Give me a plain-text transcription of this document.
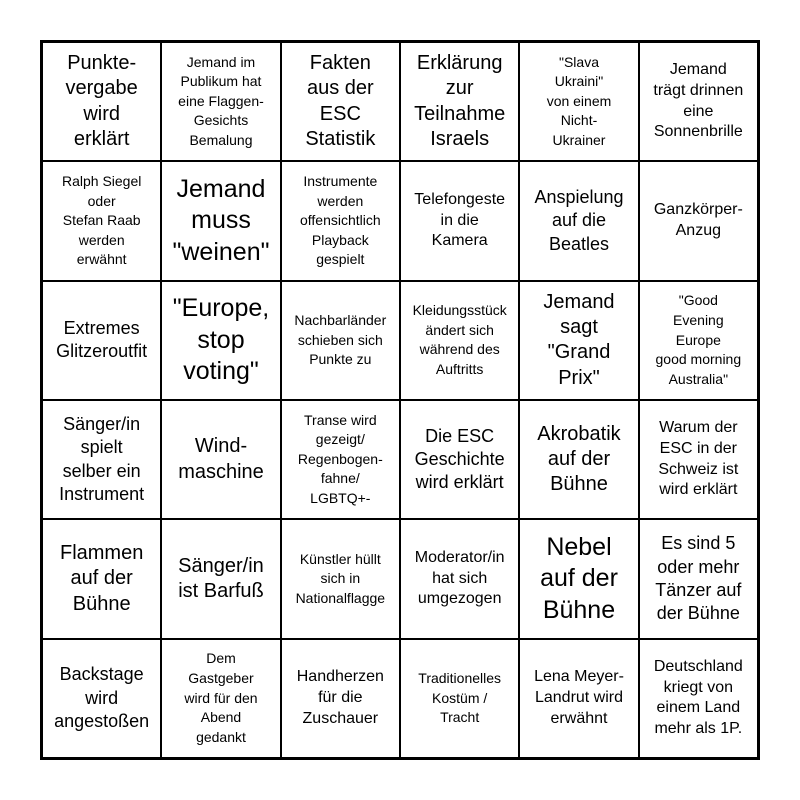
Punkte-
vergabe
wird
erklärt
Jemand im
Publikum hat
eine Flaggen-
Gesichts
Bemalung
Fakten
aus der
ESC
Statistik
Erklärung
zur
Teilnahme
Israels
"Slava
Ukraini"
von einem
Nicht-
Ukrainer
Jemand
trägt drinnen
eine
Sonnenbrille
Ralph Siegel
oder
Stefan Raab
werden
erwähnt
Jemand
muss
"weinen"
Instrumente
werden
offensichtlich
Playback
gespielt
Telefongeste
in die
Kamera
Anspielung
auf die
Beatles
Ganzkörper-
Anzug
Extremes
Glitzeroutfit
"Europe,
stop
voting"
Nachbarländer
schieben sich
Punkte zu
Kleidungsstück
ändert sich
während des
Auftritts
Jemand
sagt
"Grand
Prix"
"Good
Evening
Europe
good morning
Australia"
Sänger/in
spielt
selber ein
Instrument
Wind-
maschine
Transe wird
gezeigt/
Regenbogen-
fahne/
LGBTQ+-
Die ESC
Geschichte
wird erklärt
Akrobatik
auf der
Bühne
Warum der
ESC in der
Schweiz ist
wird erklärt
Flammen
auf der
Bühne
Sänger/in
ist Barfuß
Künstler hüllt
sich in
Nationalflagge
Moderator/in
hat sich
umgezogen
Nebel
auf der
Bühne
Es sind 5
oder mehr
Tänzer auf
der Bühne
Backstage
wird
angestoßen
Dem
Gastgeber
wird für den
Abend
gedankt
Handherzen
für die
Zuschauer
Traditionelles
Kostüm /
Tracht
Lena Meyer-
Landrut wird
erwähnt
Deutschland
kriegt von
einem Land
mehr als 1P.
